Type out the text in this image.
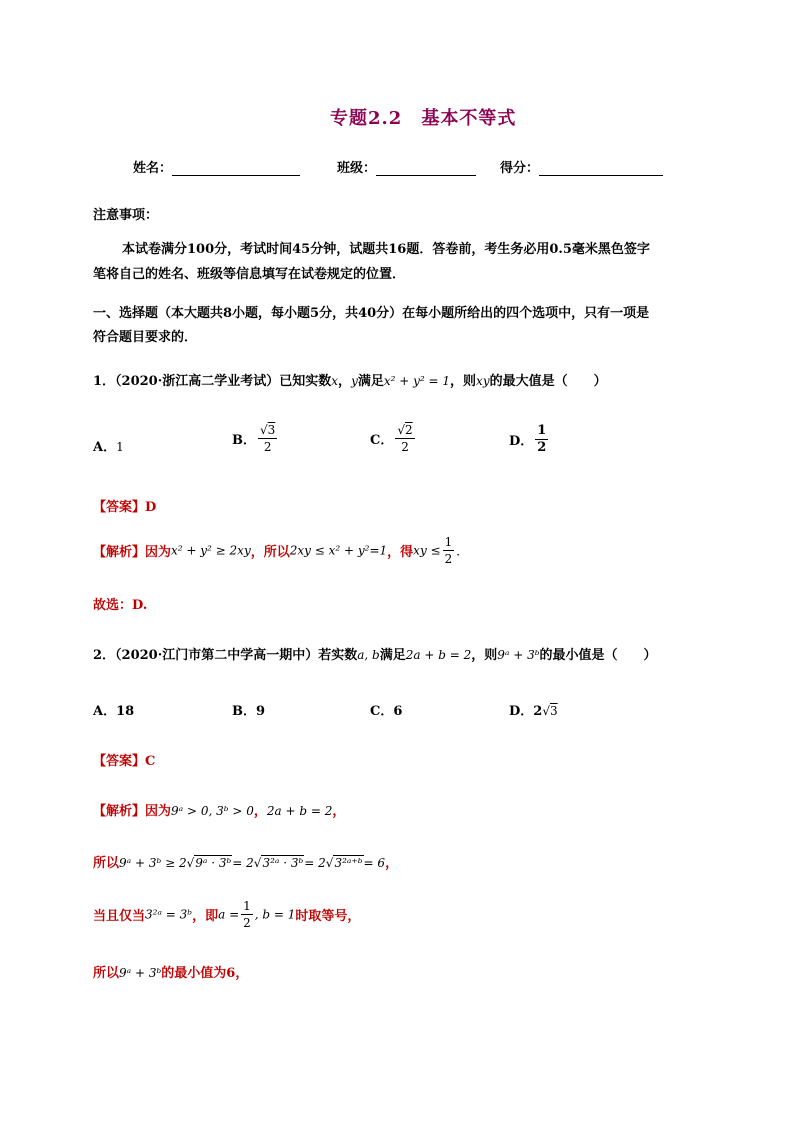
专题2.2　基本不等式
姓名：	班级：	得分：
注意事项：
本试卷满分100分，考试时间45分钟，试题共16题．答卷前，考生务必用0.5毫米黑色签字
笔将自己的姓名、班级等信息填写在试卷规定的位置．
一、选择题（本大题共8小题，每小题5分，共40分）在每小题所给出的四个选项中，只有一项是
符合题目要求的．
1．（2020·浙江高二学业考试）已知实数x，y满足x² + y² = 1，则xy的最大值是（　　）
A．1	B． $\frac{√3}{2}$	C． $\frac{√2}{2}$	D． $\frac{1}{2}$
【答案】D
【解析】因为x² + y² ≥ 2xy，所以2xy ≤ x² + y²=1，得xy ≤ $\frac{1}{2}$ ．
故选：D.
2．（2020·江门市第二中学高一期中）若实数a, b满足2a + b = 2，则9ᵃ + 3ᵇ的最小值是（　　）
A．18	B．9	C．6	D．2√3
【答案】C
【解析】因为9ᵃ > 0, 3ᵇ > 0，2a + b = 2，
所以9ᵃ + 3ᵇ ≥ 2√9ᵃ · 3ᵇ= 2√3²ᵃ · 3ᵇ= 2√3²ᵃ⁺ᵇ= 6，
当且仅当3²ᵃ = 3ᵇ，即$a = \frac{1}{2}$ , b = 1时取等号，
所以9ᵃ + 3ᵇ的最小值为6，
